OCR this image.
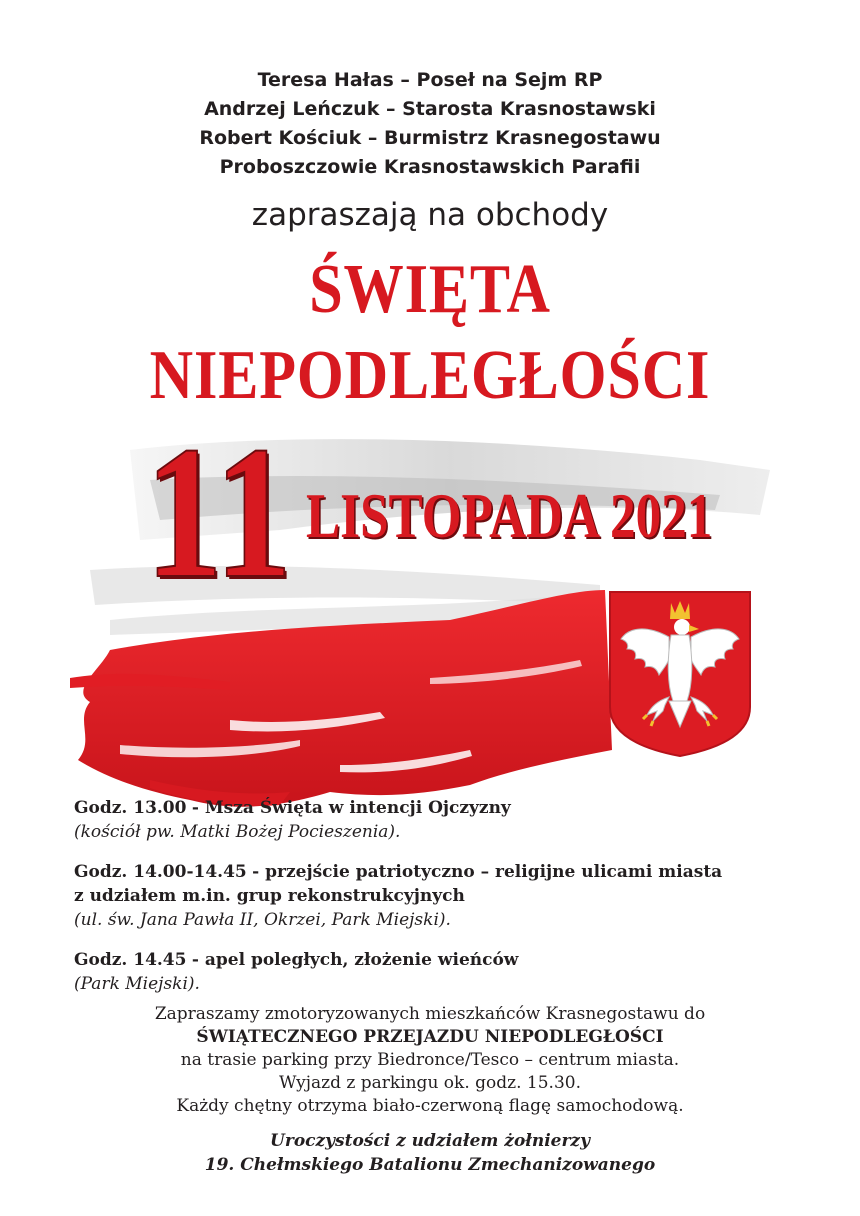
Teresa Hałas – Poseł na Sejm RP
Andrzej Leńczuk – Starosta Krasnostawski
Robert Kościuk – Burmistrz Krasnegostawu
Proboszczowie Krasnostawskich Parafii
zapraszają na obchody
ŚWIĘTA
NIEPODLEGŁOŚCI
11 LISTOPADA 2021
Godz. 13.00 - Msza Święta w intencji Ojczyzny
(kościół pw. Matki Bożej Pocieszenia).
Godz. 14.00-14.45 - przejście patriotyczno – religijne ulicami miasta
z udziałem m.in. grup rekonstrukcyjnych
(ul. św. Jana Pawła II, Okrzei, Park Miejski).
Godz. 14.45 - apel poległych, złożenie wieńców
(Park Miejski).
Zapraszamy zmotoryzowanych mieszkańców Krasnegostawu do
ŚWIĄTECZNEGO PRZEJAZDU NIEPODLEGŁOŚCI
na trasie parking przy Biedronce/Tesco – centrum miasta.
Wyjazd z parkingu ok. godz. 15.30.
Każdy chętny otrzyma biało-czerwoną flagę samochodową.
Uroczystości z udziałem żołnierzy
19. Chełmskiego Batalionu Zmechanizowanego
